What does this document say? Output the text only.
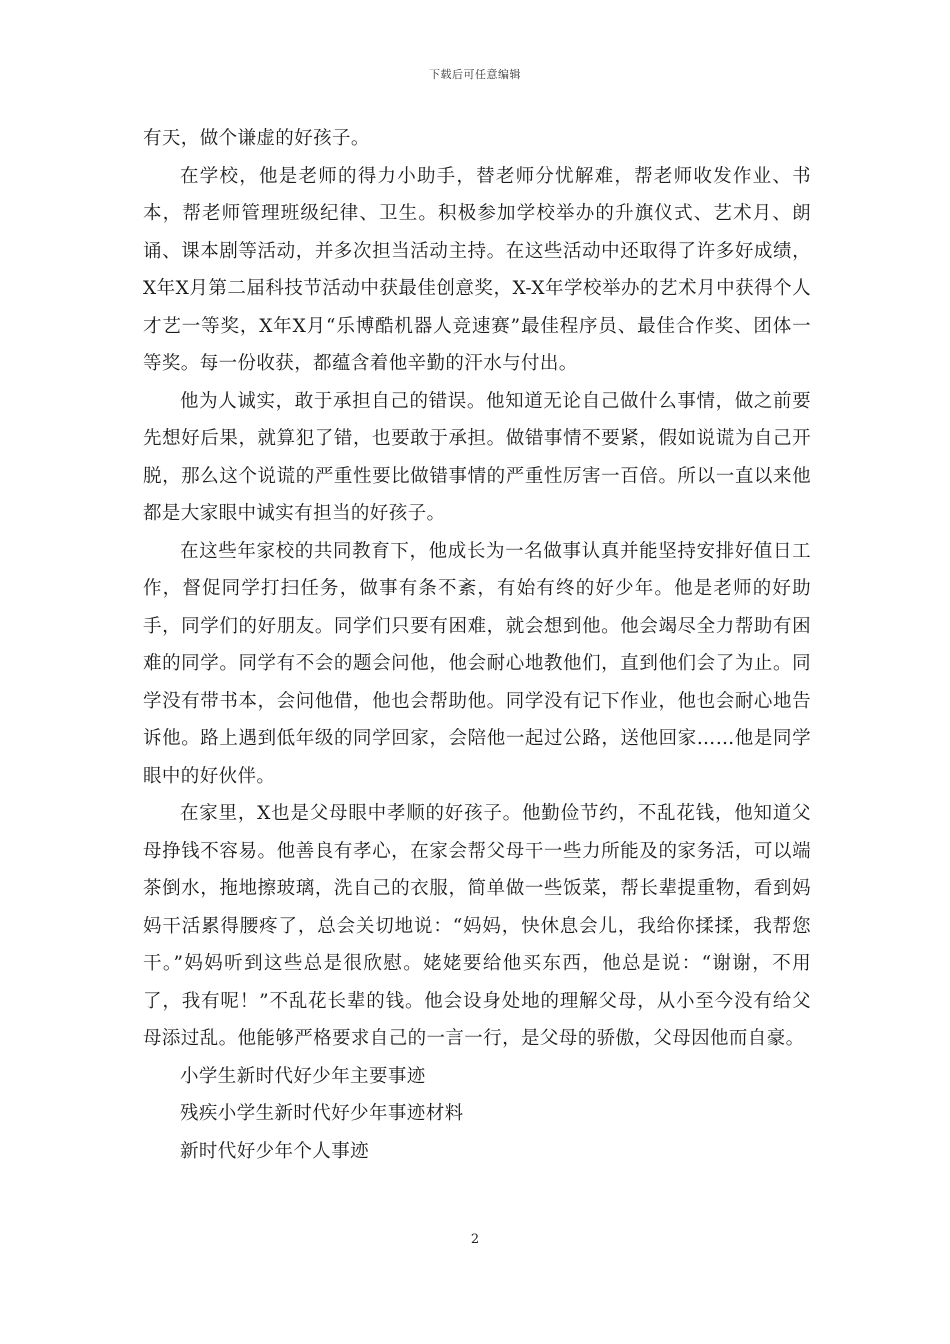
下载后可任意编辑

有天，做个谦虚的好孩子。

在学校，他是老师的得力小助手，替老师分忧解难，帮老师收发作业、书本，帮老师管理班级纪律、卫生。积极参加学校举办的升旗仪式、艺术月、朗诵、课本剧等活动，并多次担当活动主持。在这些活动中还取得了许多好成绩，X年X月第二届科技节活动中获最佳创意奖，X-X年学校举办的艺术月中获得个人才艺一等奖，X年X月“乐博酷机器人竞速赛”最佳程序员、最佳合作奖、团体一等奖。每一份收获，都蕴含着他辛勤的汗水与付出。

他为人诚实，敢于承担自己的错误。他知道无论自己做什么事情，做之前要先想好后果，就算犯了错，也要敢于承担。做错事情不要紧，假如说谎为自己开脱，那么这个说谎的严重性要比做错事情的严重性厉害一百倍。所以一直以来他都是大家眼中诚实有担当的好孩子。

在这些年家校的共同教育下，他成长为一名做事认真并能坚持安排好值日工作，督促同学打扫任务，做事有条不紊，有始有终的好少年。他是老师的好助手，同学们的好朋友。同学们只要有困难，就会想到他。他会竭尽全力帮助有困难的同学。同学有不会的题会问他，他会耐心地教他们，直到他们会了为止。同学没有带书本，会问他借，他也会帮助他。同学没有记下作业，他也会耐心地告诉他。路上遇到低年级的同学回家，会陪他一起过公路，送他回家……他是同学眼中的好伙伴。

在家里，X也是父母眼中孝顺的好孩子。他勤俭节约，不乱花钱，他知道父母挣钱不容易。他善良有孝心，在家会帮父母干一些力所能及的家务活，可以端茶倒水，拖地擦玻璃，洗自己的衣服，简单做一些饭菜，帮长辈提重物，看到妈妈干活累得腰疼了，总会关切地说：“妈妈，快休息会儿，我给你揉揉，我帮您干。”妈妈听到这些总是很欣慰。姥姥要给他买东西，他总是说：“谢谢，不用了，我有呢！”不乱花长辈的钱。他会设身处地的理解父母，从小至今没有给父母添过乱。他能够严格要求自己的一言一行，是父母的骄傲，父母因他而自豪。

小学生新时代好少年主要事迹

残疾小学生新时代好少年事迹材料

新时代好少年个人事迹

2
